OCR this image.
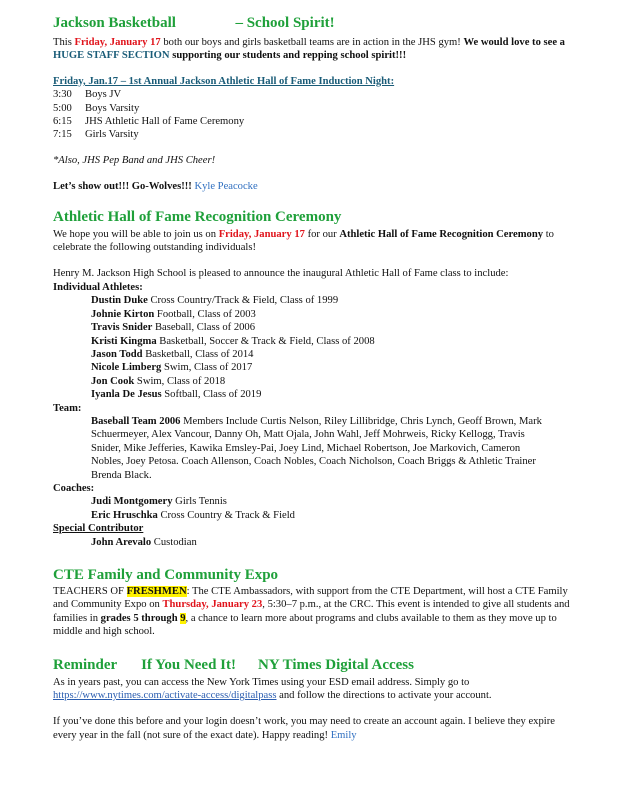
Jackson Basketball	– School Spirit!

This Friday, January 17 both our boys and girls basketball teams are in action in the JHS gym! We would love to see a HUGE STAFF SECTION supporting our students and repping school spirit!!!

Friday, Jan.17 – 1st Annual Jackson Athletic Hall of Fame Induction Night:

3:30	Boys JV
5:00	Boys Varsity
6:15	JHS Athletic Hall of Fame Ceremony
7:15	Girls Varsity

*Also, JHS Pep Band and JHS Cheer!

Let’s show out!!! Go-Wolves!!! Kyle Peacocke

Athletic Hall of Fame Recognition Ceremony

We hope you will be able to join us on Friday, January 17 for our Athletic Hall of Fame Recognition Ceremony to celebrate the following outstanding individuals!

Henry M. Jackson High School is pleased to announce the inaugural Athletic Hall of Fame class to include:

Individual Athletes:

Dustin Duke Cross Country/Track & Field, Class of 1999

Johnie Kirton Football, Class of 2003

Travis Snider Baseball, Class of 2006

Kristi Kingma Basketball, Soccer & Track & Field, Class of 2008

Jason Todd Basketball, Class of 2014

Nicole Limberg Swim, Class of 2017

Jon Cook Swim, Class of 2018

Iyanla De Jesus Softball, Class of 2019

Team:

Baseball Team 2006 Members Include Curtis Nelson, Riley Lillibridge, Chris Lynch, Geoff Brown, Mark Schuermeyer, Alex Vancour, Danny Oh, Matt Ojala, John Wahl, Jeff Mohrweis, Ricky Kellogg, Travis Snider, Mike Jefferies, Kawika Emsley-Pai, Joey Lind, Michael Robertson, Joe Markovich, Cameron Nobles, Joey Petosa. Coach Allenson, Coach Nobles, Coach Nicholson, Coach Briggs & Athletic Trainer Brenda Black.

Coaches:

Judi Montgomery Girls Tennis

Eric Hruschka Cross Country & Track & Field

Special Contributor

John Arevalo Custodian

CTE Family and Community Expo

TEACHERS OF FRESHMEN: The CTE Ambassadors, with support from the CTE Department, will host a CTE Family and Community Expo on Thursday, January 23, 5:30–7 p.m., at the CRC. This event is intended to give all students and families in grades 5 through 9, a chance to learn more about programs and clubs available to them as they move up to middle and high school.

Reminder If You Need It! NY Times Digital Access

As in years past, you can access the New York Times using your ESD email address. Simply go to
https://www.nytimes.com/activate-access/digitalpass and follow the directions to activate your account.

If you’ve done this before and your login doesn’t work, you may need to create an account again. I believe they expire every year in the fall (not sure of the exact date). Happy reading! Emily
